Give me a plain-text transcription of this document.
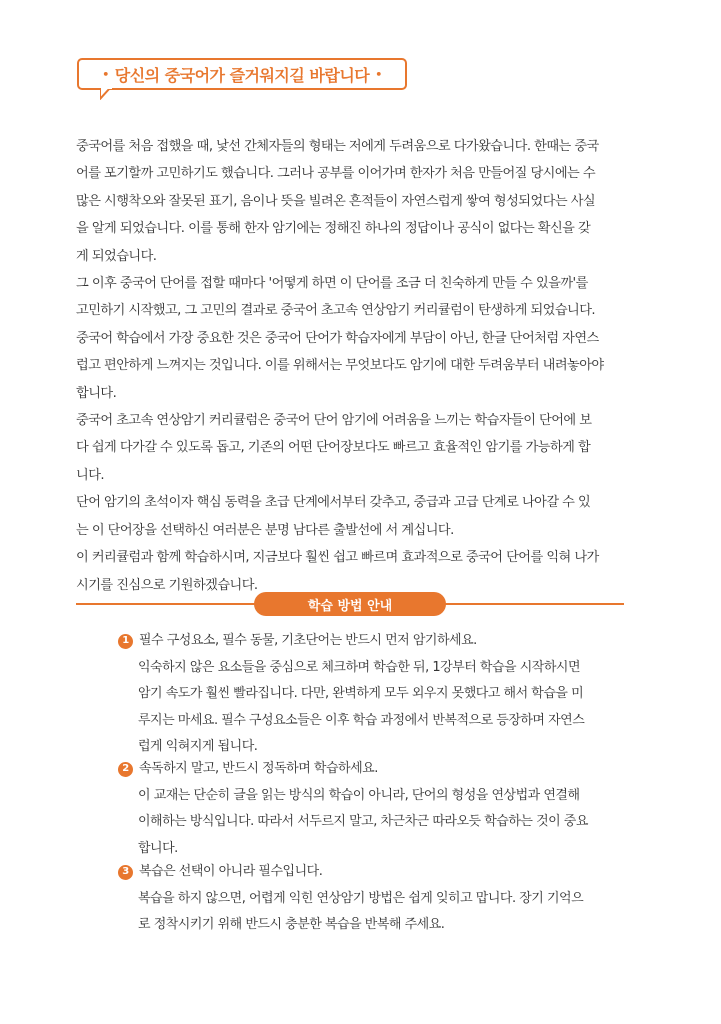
• 당신의 중국어가 즐거워지길 바랍니다 •

중국어를 처음 접했을 때, 낯선 간체자들의 형태는 저에게 두려움으로 다가왔습니다. 한때는 중국

어를 포기할까 고민하기도 했습니다. 그러나 공부를 이어가며 한자가 처음 만들어질 당시에는 수

많은 시행착오와 잘못된 표기, 음이나 뜻을 빌려온 흔적들이 자연스럽게 쌓여 형성되었다는 사실

을 알게 되었습니다. 이를 통해 한자 암기에는 정해진 하나의 정답이나 공식이 없다는 확신을 갖

게 되었습니다.

그 이후 중국어 단어를 접할 때마다 '어떻게 하면 이 단어를 조금 더 친숙하게 만들 수 있을까'를

고민하기 시작했고, 그 고민의 결과로 중국어 초고속 연상암기 커리큘럼이 탄생하게 되었습니다.

중국어 학습에서 가장 중요한 것은 중국어 단어가 학습자에게 부담이 아닌, 한글 단어처럼 자연스

럽고 편안하게 느껴지는 것입니다. 이를 위해서는 무엇보다도 암기에 대한 두려움부터 내려놓아야

합니다.

중국어 초고속 연상암기 커리큘럼은 중국어 단어 암기에 어려움을 느끼는 학습자들이 단어에 보

다 쉽게 다가갈 수 있도록 돕고, 기존의 어떤 단어장보다도 빠르고 효율적인 암기를 가능하게 합

니다.

단어 암기의 초석이자 핵심 동력을 초급 단계에서부터 갖추고, 중급과 고급 단계로 나아갈 수 있

는 이 단어장을 선택하신 여러분은 분명 남다른 출발선에 서 계십니다.

이 커리큘럼과 함께 학습하시며, 지금보다 훨씬 쉽고 빠르며 효과적으로 중국어 단어를 익혀 나가

시기를 진심으로 기원하겠습니다.

학습 방법 안내
1 필수 구성요소, 필수 동물, 기초단어는 반드시 먼저 암기하세요.

익숙하지 않은 요소들을 중심으로 체크하며 학습한 뒤, 1강부터 학습을 시작하시면

암기 속도가 훨씬 빨라집니다. 다만, 완벽하게 모두 외우지 못했다고 해서 학습을 미

루지는 마세요. 필수 구성요소들은 이후 학습 과정에서 반복적으로 등장하며 자연스

럽게 익혀지게 됩니다.

2 속독하지 말고, 반드시 정독하며 학습하세요.

이 교재는 단순히 글을 읽는 방식의 학습이 아니라, 단어의 형성을 연상법과 연결해

이해하는 방식입니다. 따라서 서두르지 말고, 차근차근 따라오듯 학습하는 것이 중요

합니다.

3 복습은 선택이 아니라 필수입니다.

복습을 하지 않으면, 어렵게 익힌 연상암기 방법은 쉽게 잊히고 맙니다. 장기 기억으

로 정착시키기 위해 반드시 충분한 복습을 반복해 주세요.
